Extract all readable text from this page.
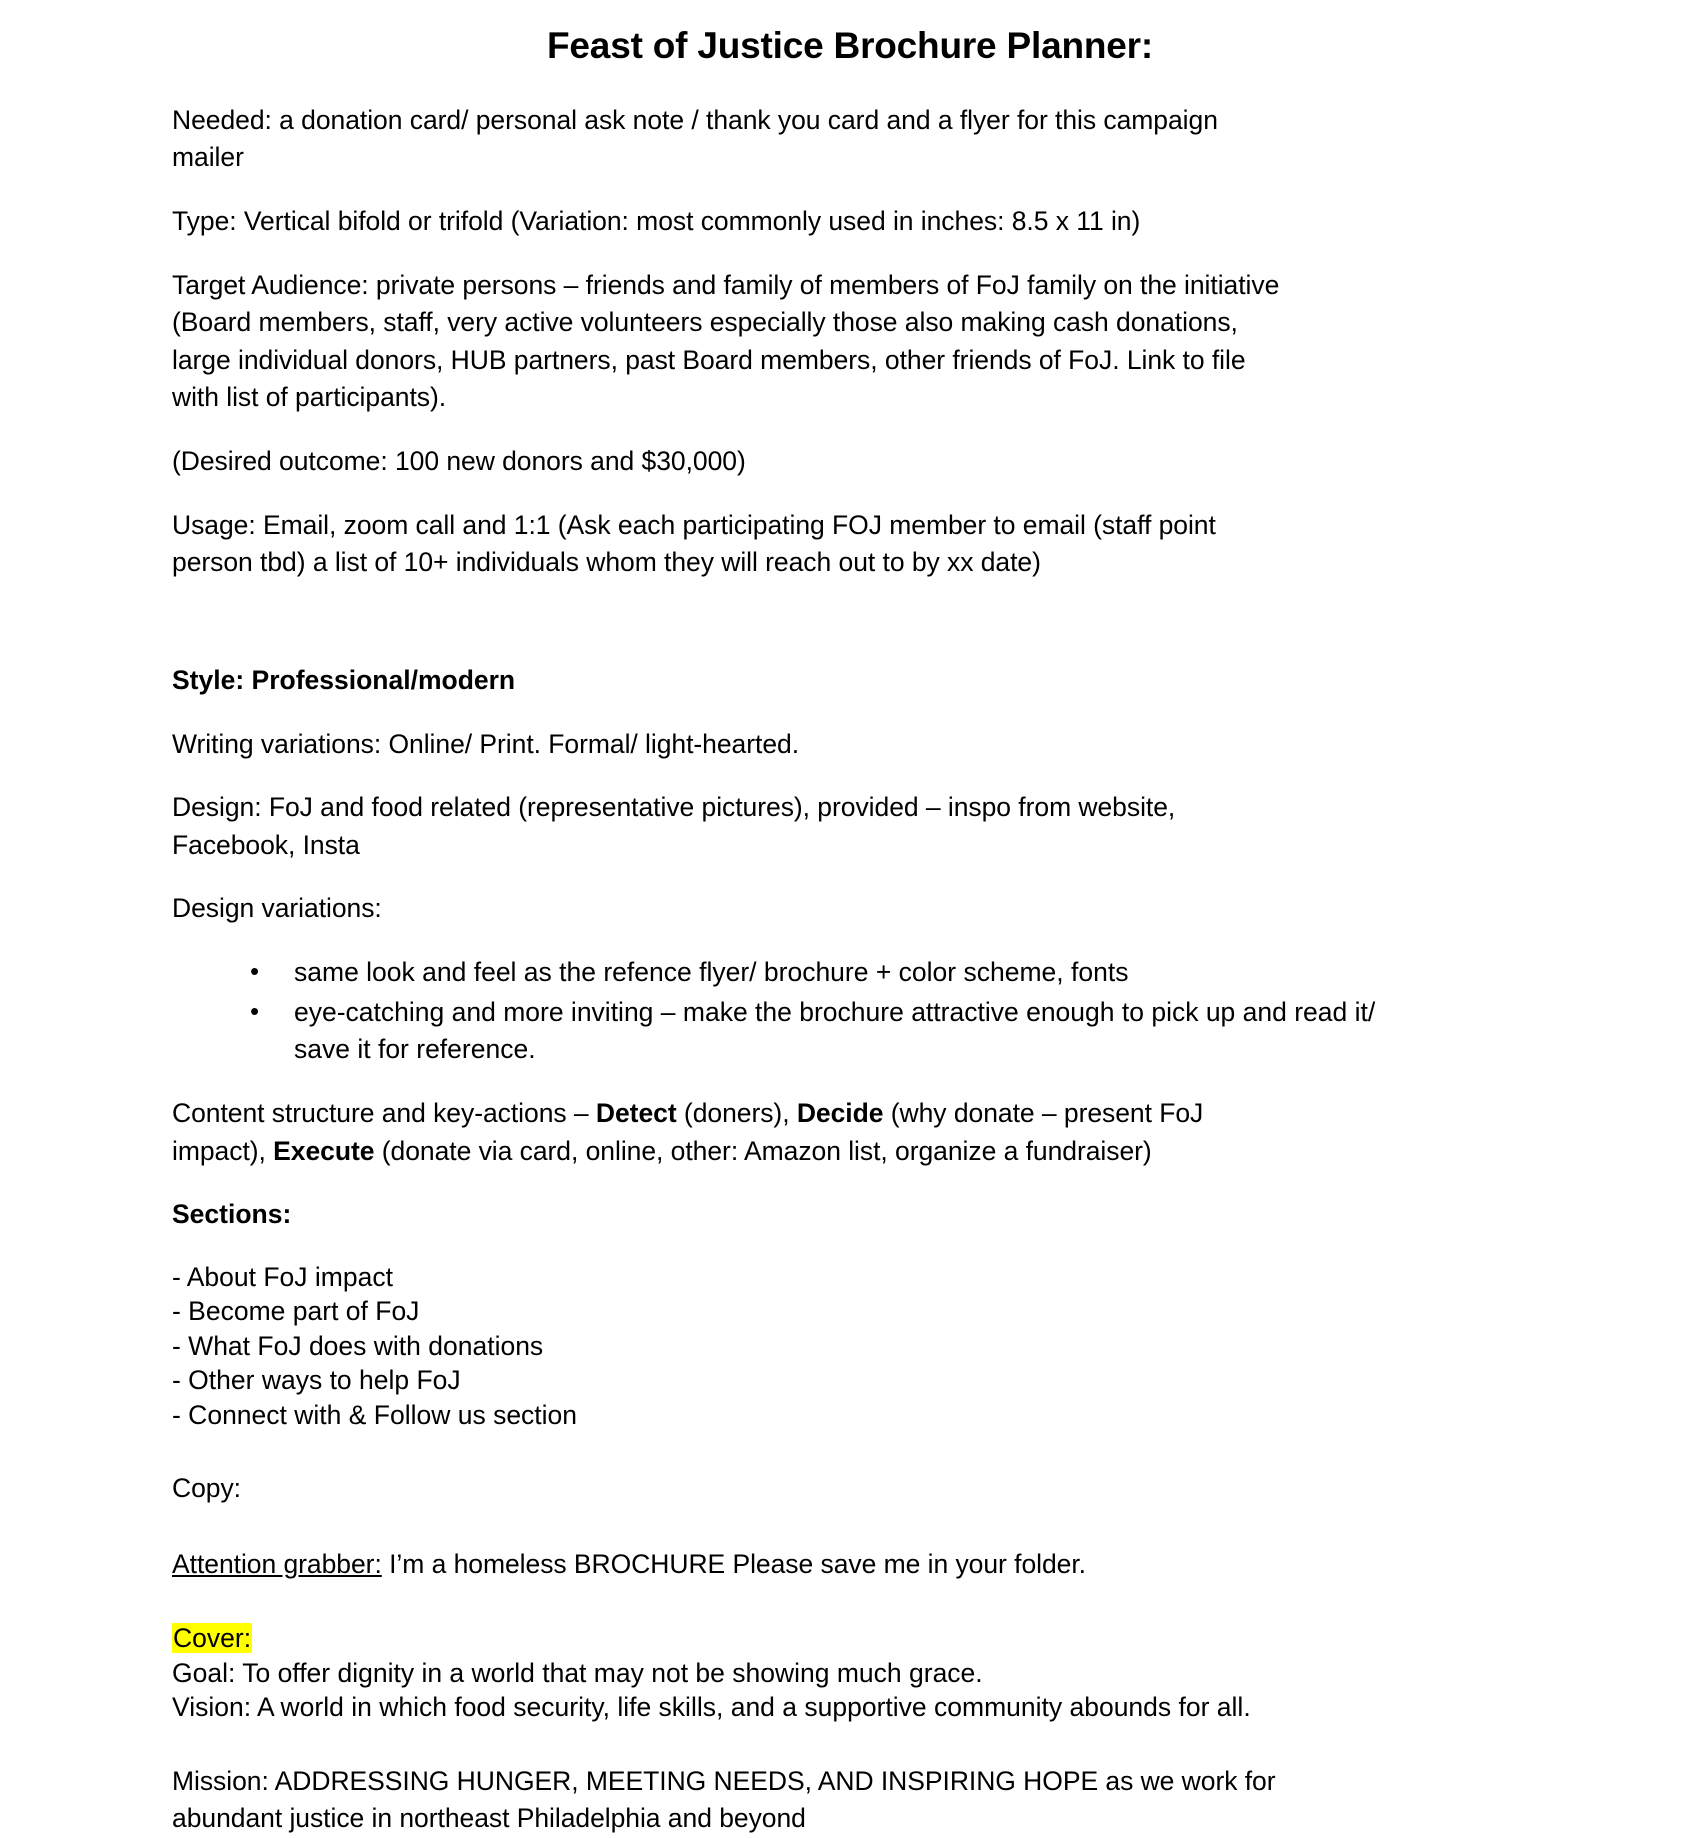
Feast of Justice Brochure Planner:

Needed: a donation card/ personal ask note / thank you card and a flyer for this campaign mailer

Type: Vertical bifold or trifold (Variation: most commonly used in inches: 8.5 x 11 in)

Target Audience: private persons – friends and family of members of FoJ family on the initiative (Board members, staff, very active volunteers especially those also making cash donations, large individual donors, HUB partners, past Board members, other friends of FoJ. Link to file with list of participants).

(Desired outcome: 100 new donors and $30,000)

Usage: Email, zoom call and 1:1 (Ask each participating FOJ member to email (staff point person tbd) a list of 10+ individuals whom they will reach out to by xx date)

Style: Professional/modern

Writing variations: Online/ Print. Formal/ light-hearted.

Design: FoJ and food related (representative pictures), provided – inspo from website, Facebook, Insta

Design variations:

• same look and feel as the refence flyer/ brochure + color scheme, fonts
• eye-catching and more inviting – make the brochure attractive enough to pick up and read it/ save it for reference.

Content structure and key-actions – Detect (doners), Decide (why donate – present FoJ impact), Execute (donate via card, online, other: Amazon list, organize a fundraiser)

Sections:

- About FoJ impact
- Become part of FoJ
- What FoJ does with donations
- Other ways to help FoJ
- Connect with & Follow us section

Copy:

Attention grabber: I’m a homeless BROCHURE Please save me in your folder.

Cover:
Goal: To offer dignity in a world that may not be showing much grace.
Vision: A world in which food security, life skills, and a supportive community abounds for all.

Mission: ADDRESSING HUNGER, MEETING NEEDS, AND INSPIRING HOPE as we work for abundant justice in northeast Philadelphia and beyond
